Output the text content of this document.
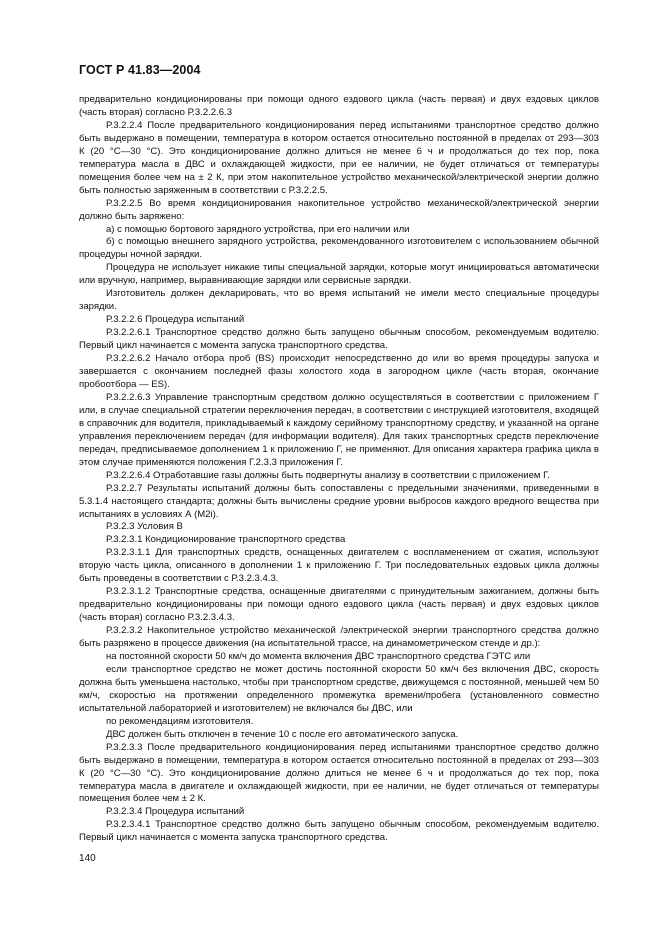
ГОСТ Р 41.83—2004

предварительно кондиционированы при помощи одного ездового цикла (часть первая) и двух ездовых циклов (часть вторая) согласно Р.3.2.2.6.3

Р.3.2.2.4 После предварительного кондиционирования перед испытаниями транспортное средство должно быть выдержано в помещении, температура в котором остается относительно постоянной в пределах от 293—303 К (20 °С—30 °С). Это кондиционирование должно длиться не менее 6 ч и продолжаться до тех пор, пока температура масла в ДВС и охлаждающей жидкости, при ее наличии, не будет отличаться от температуры помещения более чем на ± 2 К, при этом накопительное устройство механической/электрической энергии должно быть полностью заряженным в соответствии с Р.3.2.2.5.

Р.3.2.2.5 Во время кондиционирования накопительное устройство механической/электрической энергии должно быть заряжено:

а) с помощью бортового зарядного устройства, при его наличии или

б) с помощью внешнего зарядного устройства, рекомендованного изготовителем с использованием обычной процедуры ночной зарядки.

Процедура не использует никакие типы специальной зарядки, которые могут инициироваться автоматически или вручную, например, выравнивающие зарядки или сервисные зарядки.

Изготовитель должен декларировать, что во время испытаний не имели место специальные процедуры зарядки.

Р.3.2.2.6 Процедура испытаний

Р.3.2.2.6.1 Транспортное средство должно быть запущено обычным способом, рекомендуемым водителю. Первый цикл начинается с момента запуска транспортного средства.

Р.3.2.2.6.2 Начало отбора проб (BS) происходит непосредственно до или во время процедуры запуска и завершается с окончанием последней фазы холостого хода в загородном цикле (часть вторая, окончание пробоотбора — ES).

Р.3.2.2.6.3 Управление транспортным средством должно осуществляться в соответствии с приложением Г или, в случае специальной стратегии переключения передач, в соответствии с инструкцией изготовителя, входящей в справочник для водителя, прикладываемый к каждому серийному транспортному средству, и указанной на органе управления переключением передач (для информации водителя). Для таких транспортных средств переключение передач, предписываемое дополнением 1 к приложению Г, не применяют. Для описания характера графика цикла в этом случае применяются положения Г.2.3.3 приложения Г.

Р.3.2.2.6.4 Отработавшие газы должны быть подвергнуты анализу в соответствии с приложением Г.

Р.3.2.2.7 Результаты испытаний должны быть сопоставлены с предельными значениями, приведенными в 5.3.1.4 настоящего стандарта; должны быть вычислены средние уровни выбросов каждого вредного вещества при испытаниях в условиях А (M2i).

Р.3.2.3 Условия В

Р.3.2.3.1 Кондиционирование транспортного средства

Р.3.2.3.1.1 Для транспортных средств, оснащенных двигателем с воспламенением от сжатия, используют вторую часть цикла, описанного в дополнении 1 к приложению Г. Три последовательных ездовых цикла должны быть проведены в соответствии с Р.3.2.3.4.3.

Р.3.2.3.1.2 Транспортные средства, оснащенные двигателями с принудительным зажиганием, должны быть предварительно кондиционированы при помощи одного ездового цикла (часть первая) и двух ездовых циклов (часть вторая) согласно Р.3.2.3.4.3.

Р.3.2.3.2 Накопительное устройство механической /электрической энергии транспортного средства должно быть разряжено в процессе движения (на испытательной трассе, на динамометрическом стенде и др.):

на постоянной скорости 50 км/ч до момента включения ДВС транспортного средства ГЭТС или

если транспортное средство не может достичь постоянной скорости 50 км/ч без включения ДВС, скорость должна быть уменьшена настолько, чтобы при транспортном средстве, движущемся с постоянной, меньшей чем 50 км/ч, скоростью на протяжении определенного промежутка времени/пробега (установленного совместно испытательной лабораторией и изготовителем) не включался бы ДВС, или

по рекомендациям изготовителя.

ДВС должен быть отключен в течение 10 с после его автоматического запуска.

Р.3.2.3.3 После предварительного кондиционирования перед испытаниями транспортное средство должно быть выдержано в помещении, температура в котором остается относительно постоянной в пределах от 293—303 К (20 °С—30 °С). Это кондиционирование должно длиться не менее 6 ч и продолжаться до тех пор, пока температура масла в двигателе и охлаждающей жидкости, при ее наличии, не будет отличаться от температуры помещения более чем ± 2 К.

Р.3.2.3.4 Процедура испытаний

Р.3.2.3.4.1 Транспортное средство должно быть запущено обычным способом, рекомендуемым водителю. Первый цикл начинается с момента запуска транспортного средства.

140
